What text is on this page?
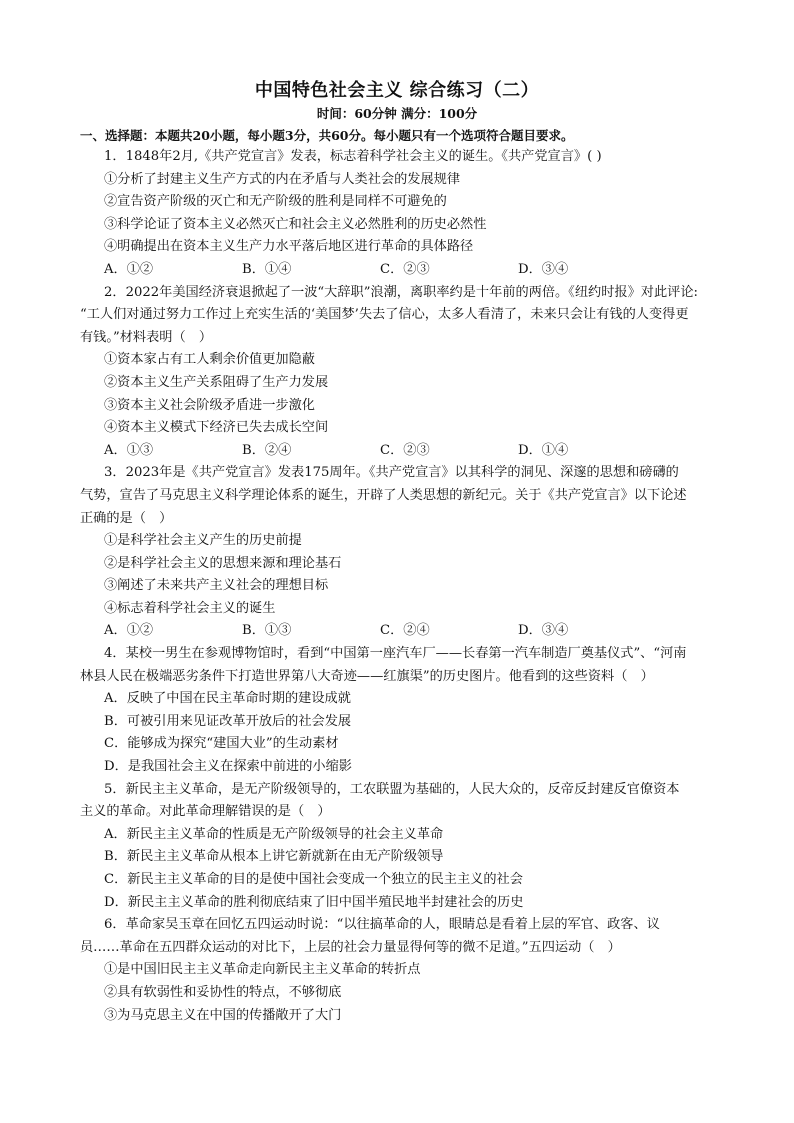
中国特色社会主义 综合练习（二）
时间：60分钟 满分：100分
一、选择题：本题共20小题，每小题3分，共60分。每小题只有一个选项符合题目要求。
1．1848年2月,《共产党宣言》发表，标志着科学社会主义的诞生。《共产党宣言》( )
①分析了封建主义生产方式的内在矛盾与人类社会的发展规律
②宣告资产阶级的灭亡和无产阶级的胜利是同样不可避免的
③科学论证了资本主义必然灭亡和社会主义必然胜利的历史必然性
④明确提出在资本主义生产力水平落后地区进行革命的具体路径
A．①②	B．①④	C．②③	D．③④
2．2022年美国经济衰退掀起了一波“大辞职”浪潮，离职率约是十年前的两倍。《纽约时报》对此评论:
“工人们对通过努力工作过上充实生活的‘美国梦’失去了信心，太多人看清了，未来只会让有钱的人变得更
有钱。”材料表明（　）
①资本家占有工人剩余价值更加隐蔽
②资本主义生产关系阻碍了生产力发展
③资本主义社会阶级矛盾进一步激化
④资本主义模式下经济已失去成长空间
A．①③	B．②④	C．②③	D．①④
3．2023年是《共产党宣言》发表175周年。《共产党宣言》以其科学的洞见、深邃的思想和磅礴的
气势，宣告了马克思主义科学理论体系的诞生，开辟了人类思想的新纪元。关于《共产党宣言》以下论述
正确的是（　）
①是科学社会主义产生的历史前提
②是科学社会主义的思想来源和理论基石
③阐述了未来共产主义社会的理想目标
④标志着科学社会主义的诞生
A．①②	B．①③	C．②④	D．③④
4．某校一男生在参观博物馆时，看到“中国第一座汽车厂——长春第一汽车制造厂奠基仪式”、“河南
林县人民在极端恶劣条件下打造世界第八大奇迹——红旗渠”的历史图片。他看到的这些资料（　）
A．反映了中国在民主革命时期的建设成就
B．可被引用来见证改革开放后的社会发展
C．能够成为探究“建国大业”的生动素材
D．是我国社会主义在探索中前进的小缩影
5．新民主主义革命，是无产阶级领导的，工农联盟为基础的，人民大众的，反帝反封建反官僚资本
主义的革命。对此革命理解错误的是（　）
A．新民主主义革命的性质是无产阶级领导的社会主义革命
B．新民主主义革命从根本上讲它新就新在由无产阶级领导
C．新民主主义革命的目的是使中国社会变成一个独立的民主主义的社会
D．新民主主义革命的胜利彻底结束了旧中国半殖民地半封建社会的历史
6．革命家吴玉章在回忆五四运动时说：“以往搞革命的人，眼睛总是看着上层的军官、政客、议
员……革命在五四群众运动的对比下，上层的社会力量显得何等的微不足道。”五四运动（　）
①是中国旧民主主义革命走向新民主主义革命的转折点
②具有软弱性和妥协性的特点，不够彻底
③为马克思主义在中国的传播敞开了大门
